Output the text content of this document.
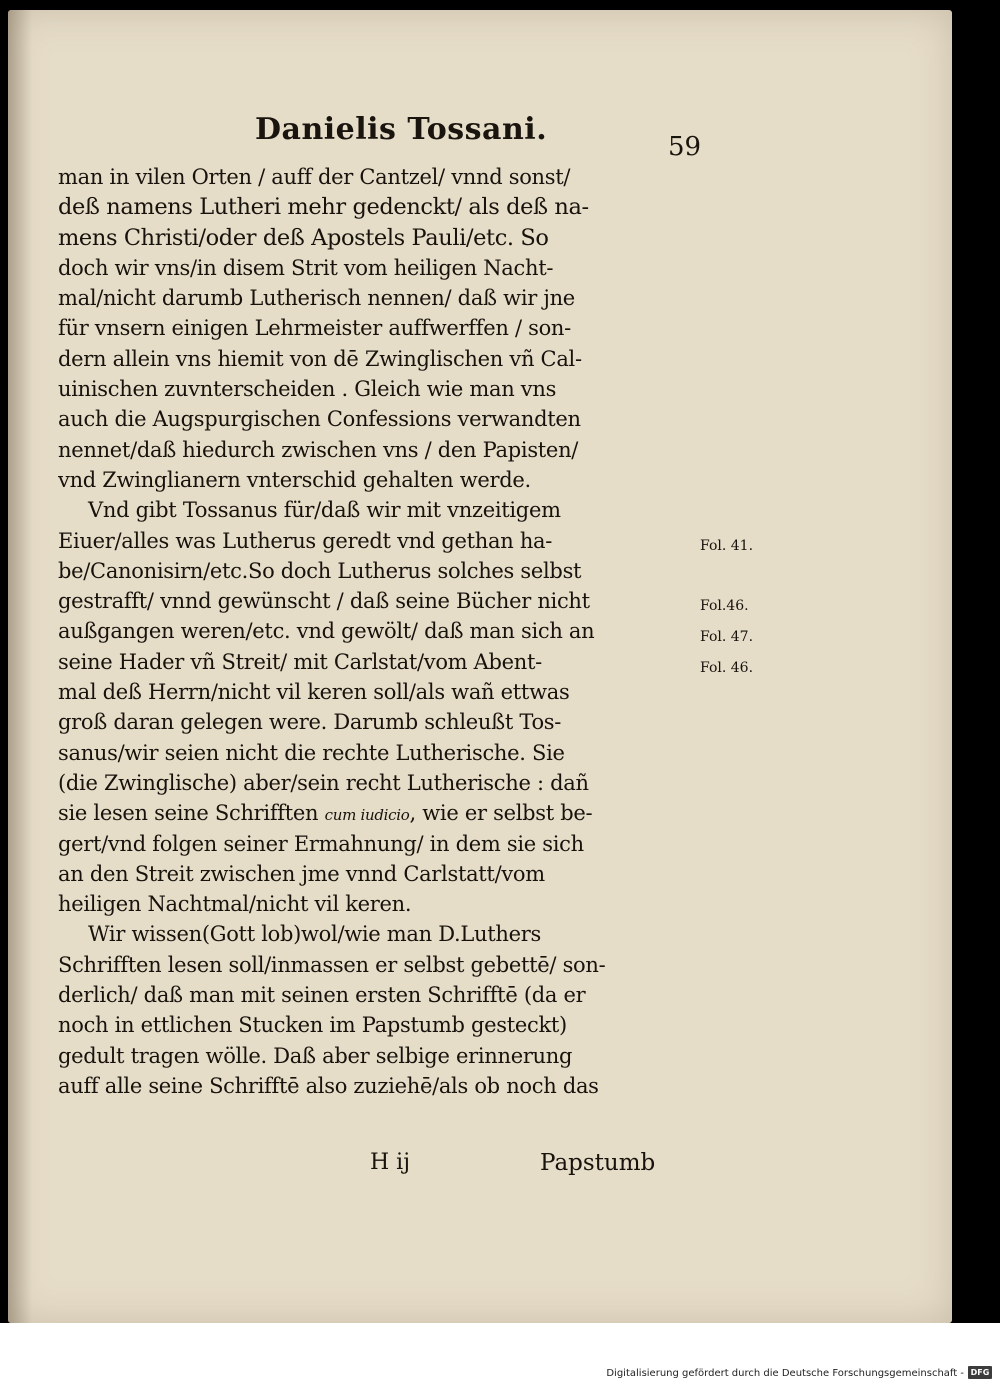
Danielis Tossani.	59
man in vilen Orten / auff der Cantzel/ vnnd sonst/
deß namens Lutheri mehr gedenckt/ als deß na-
mens Christi/oder deß Apostels Pauli/etc. So
doch wir vns/in disem Strit vom heiligen Nacht-
mal/nicht darumb Lutherisch nennen/ daß wir jne
für vnsern einigen Lehrmeister auffwerffen / son-
dern allein vns hiemit von dē Zwinglischen vñ Cal-
uinischen zuvnterscheiden . Gleich wie man vns
auch die Augspurgischen Confessions verwandten
nennet/daß hiedurch zwischen vns / den Papisten/
vnd Zwinglianern vnterschid gehalten werde.
Vnd gibt Tossanus für/daß wir mit vnzeitigem
Eiuer/alles was Lutherus geredt vnd gethan ha-
be/Canonisirn/etc.So doch Lutherus solches selbst
gestrafft/ vnnd gewünscht / daß seine Bücher nicht
außgangen weren/etc. vnd gewölt/ daß man sich an
seine Hader vñ Streit/ mit Carlstat/vom Abent-
mal deß Herrn/nicht vil keren soll/als wañ ettwas
groß daran gelegen were. Darumb schleußt Tos-
sanus/wir seien nicht die rechte Lutherische. Sie
(die Zwinglische) aber/sein recht Lutherische : dañ
sie lesen seine Schrifften cum iudicio, wie er selbst be-
gert/vnd folgen seiner Ermahnung/ in dem sie sich
an den Streit zwischen jme vnnd Carlstatt/vom
heiligen Nachtmal/nicht vil keren.
Wir wissen(Gott lob)wol/wie man D.Luthers
Schrifften lesen soll/inmassen er selbst gebettē/ son-
derlich/ daß man mit seinen ersten Schrifftē (da er
noch in ettlichen Stucken im Papstumb gesteckt)
gedult tragen wölle. Daß aber selbige erinnerung
auff alle seine Schrifftē also zuziehē/als ob noch das
Fol. 41.
Fol.46.
Fol. 47.
Fol. 46.
H ij	Papstumb
Digitalisierung gefördert durch die Deutsche Forschungsgemeinschaft - DFG
